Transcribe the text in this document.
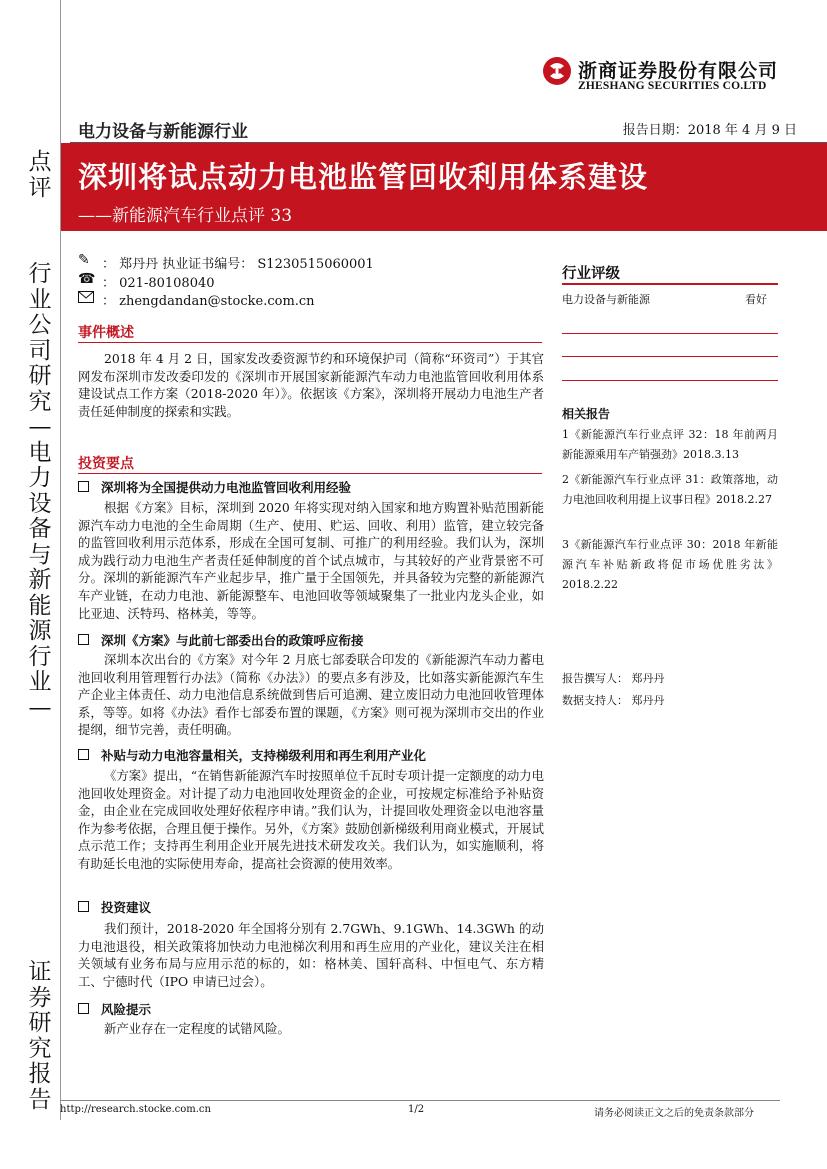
点
评
行
业
公
司
研
究
—
电
力
设
备
与
新
能
源
行
业
—
证
券
研
究
报
告
浙商证券股份有限公司
ZHESHANG SECURITIES CO.LTD
电力设备与新能源行业	报告日期：2018 年 4 月 9 日
深圳将试点动力电池监管回收利用体系建设
——新能源汽车行业点评 33
✎ ： 郑丹丹 执业证书编号： S1230515060001
☎ ： 021-80108040
： zhengdandan@stocke.com.cn
事件概述
2018 年 4 月 2 日，国家发改委资源节约和环境保护司（简称“环资司”）于其官网发布深圳市发改委印发的《深圳市开展国家新能源汽车动力电池监管回收利用体系建设试点工作方案（2018-2020 年）》。依据该《方案》，深圳将开展动力电池生产者责任延伸制度的探索和实践。
投资要点
深圳将为全国提供动力电池监管回收利用经验
根据《方案》目标，深圳到 2020 年将实现对纳入国家和地方购置补贴范围新能源汽车动力电池的全生命周期（生产、使用、贮运、回收、利用）监管，建立较完备的监管回收利用示范体系，形成在全国可复制、可推广的利用经验。我们认为，深圳成为践行动力电池生产者责任延伸制度的首个试点城市，与其较好的产业背景密不可分。深圳的新能源汽车产业起步早，推广量于全国领先，并具备较为完整的新能源汽车产业链，在动力电池、新能源整车、电池回收等领域聚集了一批业内龙头企业，如比亚迪、沃特玛、格林美，等等。
深圳《方案》与此前七部委出台的政策呼应衔接
深圳本次出台的《方案》对今年 2 月底七部委联合印发的《新能源汽车动力蓄电池回收利用管理暂行办法》（简称《办法》）的要点多有涉及，比如落实新能源汽车生产企业主体责任、动力电池信息系统做到售后可追溯、建立废旧动力电池回收管理体系，等等。如将《办法》看作七部委布置的课题，《方案》则可视为深圳市交出的作业提纲，细节完善，责任明确。
补贴与动力电池容量相关，支持梯级利用和再生利用产业化
《方案》提出，“在销售新能源汽车时按照单位千瓦时专项计提一定额度的动力电池回收处理资金。对计提了动力电池回收处理资金的企业，可按规定标准给予补贴资金，由企业在完成回收处理好依程序申请。”我们认为，计提回收处理资金以电池容量作为参考依据，合理且便于操作。另外，《方案》鼓励创新梯级利用商业模式，开展试点示范工作；支持再生利用企业开展先进技术研发攻关。我们认为，如实施顺利，将有助延长电池的实际使用寿命，提高社会资源的使用效率。
投资建议
我们预计，2018-2020 年全国将分别有 2.7GWh、9.1GWh、14.3GWh 的动力电池退役，相关政策将加快动力电池梯次利用和再生应用的产业化，建议关注在相关领域有业务布局与应用示范的标的，如：格林美、国轩高科、中恒电气、东方精工、宁德时代（IPO 申请已过会）。
风险提示
新产业存在一定程度的试错风险。
行业评级
电力设备与新能源	看好
相关报告
1《新能源汽车行业点评 32：18 年前两月新能源乘用车产销强劲》2018.3.13
2《新能源汽车行业点评 31：政策落地，动力电池回收利用提上议事日程》2018.2.27
3《新能源汽车行业点评 30：2018 年新能源汽车补贴新政将促市场优胜劣汰》2018.2.22
报告撰写人： 郑丹丹
数据支持人： 郑丹丹
http://research.stocke.com.cn	1/2	请务必阅读正文之后的免责条款部分
